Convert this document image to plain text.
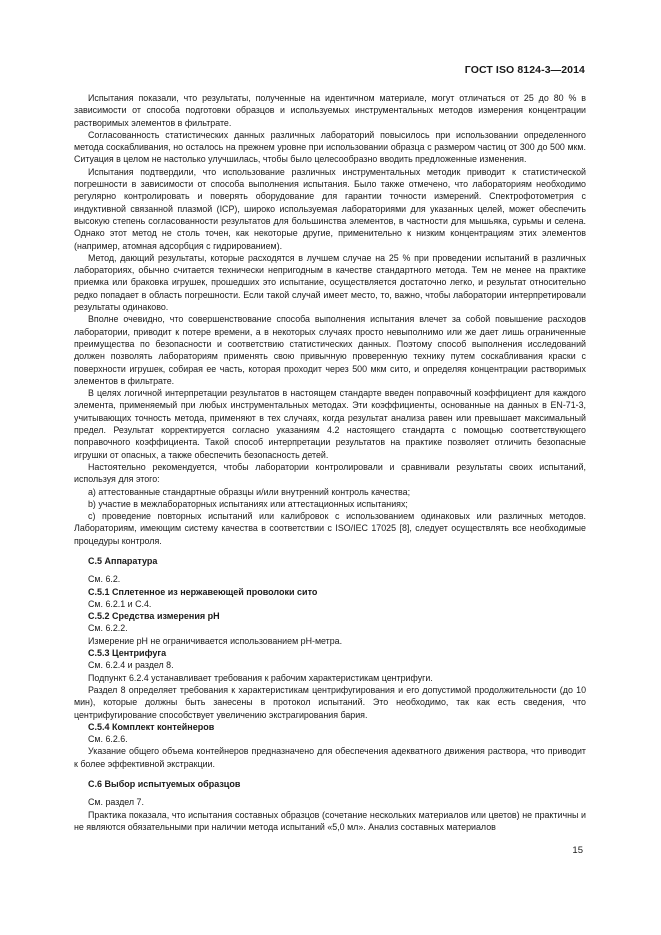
ГОСТ ISO 8124-3—2014

Испытания показали, что результаты, полученные на идентичном материале, могут отличаться от 25 до 80 % в зависимости от способа подготовки образцов и используемых инструментальных методов измерения концентрации растворимых элементов в фильтрате.

Согласованность статистических данных различных лабораторий повысилось при использовании определенного метода соскабливания, но осталось на прежнем уровне при использовании образца с размером частиц от 300 до 500 мкм. Ситуация в целом не настолько улучшилась, чтобы было целесообразно вводить предложенные изменения.

Испытания подтвердили, что использование различных инструментальных методик приводит к статистической погрешности в зависимости от способа выполнения испытания. Было также отмечено, что лабораториям необходимо регулярно контролировать и поверять оборудование для гарантии точности измерений. Спектрофотометрия с индуктивной связанной плазмой (ICP), широко используемая лабораториями для указанных целей, может обеспечить высокую степень согласованности результатов для большинства элементов, в частности для мышьяка, сурьмы и селена. Однако этот метод не столь точен, как некоторые другие, применительно к низким концентрациям этих элементов (например, атомная адсорбция с гидрированием).

Метод, дающий результаты, которые расходятся в лучшем случае на 25 % при проведении испытаний в различных лабораториях, обычно считается технически непригодным в качестве стандартного метода. Тем не менее на практике приемка или браковка игрушек, прошедших это испытание, осуществляется достаточно легко, и результат относительно редко попадает в область погрешности. Если такой случай имеет место, то, важно, чтобы лаборатории интерпретировали результаты одинаково.

Вполне очевидно, что совершенствование способа выполнения испытания влечет за собой повышение расходов лаборатории, приводит к потере времени, а в некоторых случаях просто невыполнимо или же дает лишь ограниченные преимущества по безопасности и соответствию статистических данных. Поэтому способ выполнения исследований должен позволять лабораториям применять свою привычную проверенную технику путем соскабливания краски с поверхности игрушек, собирая ее часть, которая проходит через 500 мкм сито, и определяя концентрации растворимых элементов в фильтрате.

В целях логичной интерпретации результатов в настоящем стандарте введен поправочный коэффициент для каждого элемента, применяемый при любых инструментальных методах. Эти коэффициенты, основанные на данных в EN-71-3, учитывающих точность метода, применяют в тех случаях, когда результат анализа равен или превышает максимальный предел. Результат корректируется согласно указаниям 4.2 настоящего стандарта с помощью соответствующего поправочного коэффициента. Такой способ интерпретации результатов на практике позволяет отличить безопасные игрушки от опасных, а также обеспечить безопасность детей.

Настоятельно рекомендуется, чтобы лаборатории контролировали и сравнивали результаты своих испытаний, используя для этого:

a) аттестованные стандартные образцы и/или внутренний контроль качества;

b) участие в межлабораторных испытаниях или аттестационных испытаниях;

c) проведение повторных испытаний или калибровок с использованием одинаковых или различных методов. Лабораториям, имеющим систему качества в соответствии с ISO/IEC 17025 [8], следует осуществлять все необходимые процедуры контроля.

С.5 Аппаратура

См. 6.2.

С.5.1 Сплетенное из нержавеющей проволоки сито

См. 6.2.1 и С.4.

С.5.2 Средства измерения рН

См. 6.2.2.

Измерение рН не ограничивается использованием рН-метра.

С.5.3 Центрифуга

См. 6.2.4 и раздел 8.

Подпункт 6.2.4 устанавливает требования к рабочим характеристикам центрифуги.

Раздел 8 определяет требования к характеристикам центрифугирования и его допустимой продолжительности (до 10 мин), которые должны быть занесены в протокол испытаний. Это необходимо, так как есть сведения, что центрифугирование способствует увеличению экстрагирования бария.

С.5.4 Комплект контейнеров

См. 6.2.6.

Указание общего объема контейнеров предназначено для обеспечения адекватного движения раствора, что приводит к более эффективной экстракции.

С.6 Выбор испытуемых образцов

См. раздел 7.

Практика показала, что испытания составных образцов (сочетание нескольких материалов или цветов) не практичны и не являются обязательными при наличии метода испытаний «5,0 мл». Анализ составных материалов

15
